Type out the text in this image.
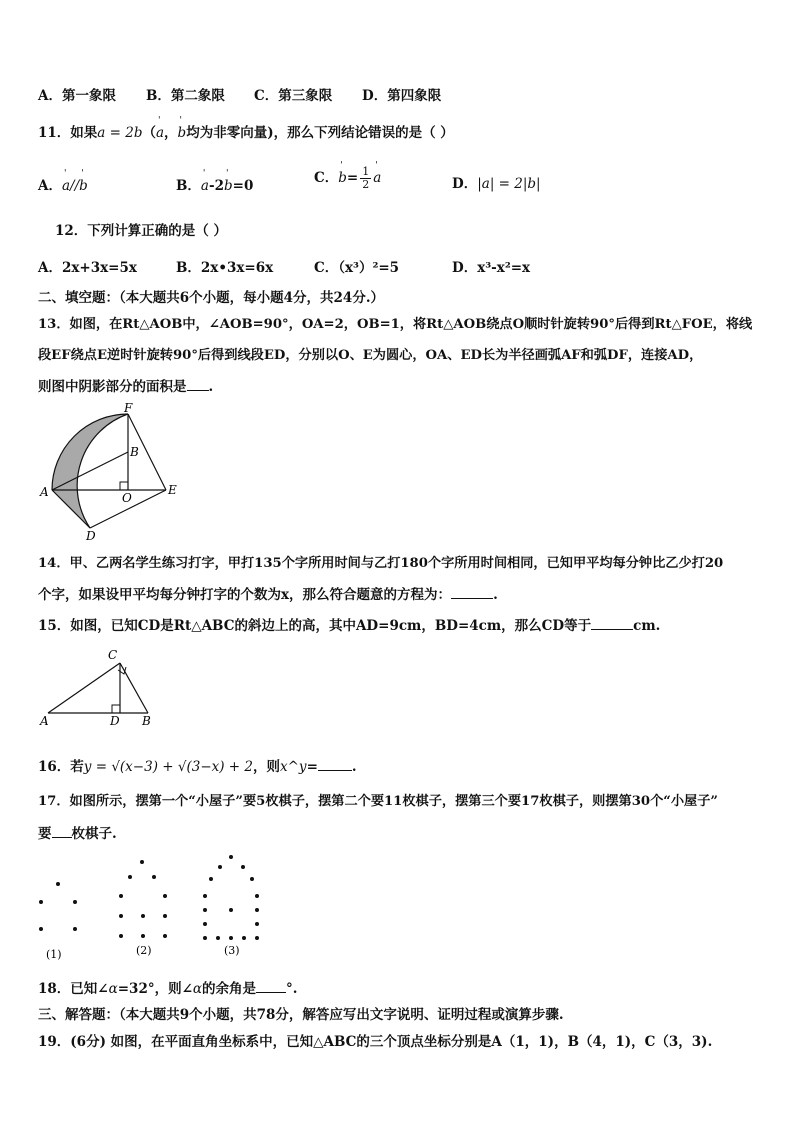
A．第一象限 B．第二象限 C．第三象限 D．第四象限
11．如果a = 2b（' a，' b均为非零向量)，那么下列结论错误的是（ ）
A．' a//' b	B．' a-2' b=0	C．' $b= \frac{1}{2}$
' a	D．|a| = 2|b|
12．下列计算正确的是（ ）
A．2x+3x=5x	B．2x•3x=6x	C．（x³）²=5	D．x³-x²=x
二、填空题：（本大题共6个小题，每小题4分，共24分.）
13．如图，在Rt△AOB中，∠AOB=90°，OA=2，OB=1，将Rt△AOB绕点O顺时针旋转90°后得到Rt△FOE，将线
段EF绕点E逆时针旋转90°后得到线段ED，分别以O、E为圆心，OA、ED长为半径画弧AF和弧DF，连接AD，
则图中阴影部分的面积是 .
F
B
A	O
E
D
14．甲、乙两名学生练习打字，甲打135个字所用时间与乙打180个字所用时间相同，已知甲平均每分钟比乙少打20
个字，如果设甲平均每分钟打字的个数为x，那么符合题意的方程为：	.
15．如图，已知CD是Rt△ABC的斜边上的高，其中AD=9cm，BD=4cm，那么CD等于	cm.
C
A	D B
16．若y = √(x−3) + √(3−x) + 2，则x^y=	.
17．如图所示，摆第一个“小屋子”要5枚棋子，摆第二个要11枚棋子，摆第三个要17枚棋子，则摆第30个“小屋子”
要 枚棋子.
(1)	(2)	(3)
18．已知∠α=32°，则∠α的余角是 °.
三、解答题：（本大题共9个小题，共78分，解答应写出文字说明、证明过程或演算步骤.
19．(6分) 如图，在平面直角坐标系中，已知△ABC的三个顶点坐标分别是A（1，1)，B（4，1)，C（3，3).
